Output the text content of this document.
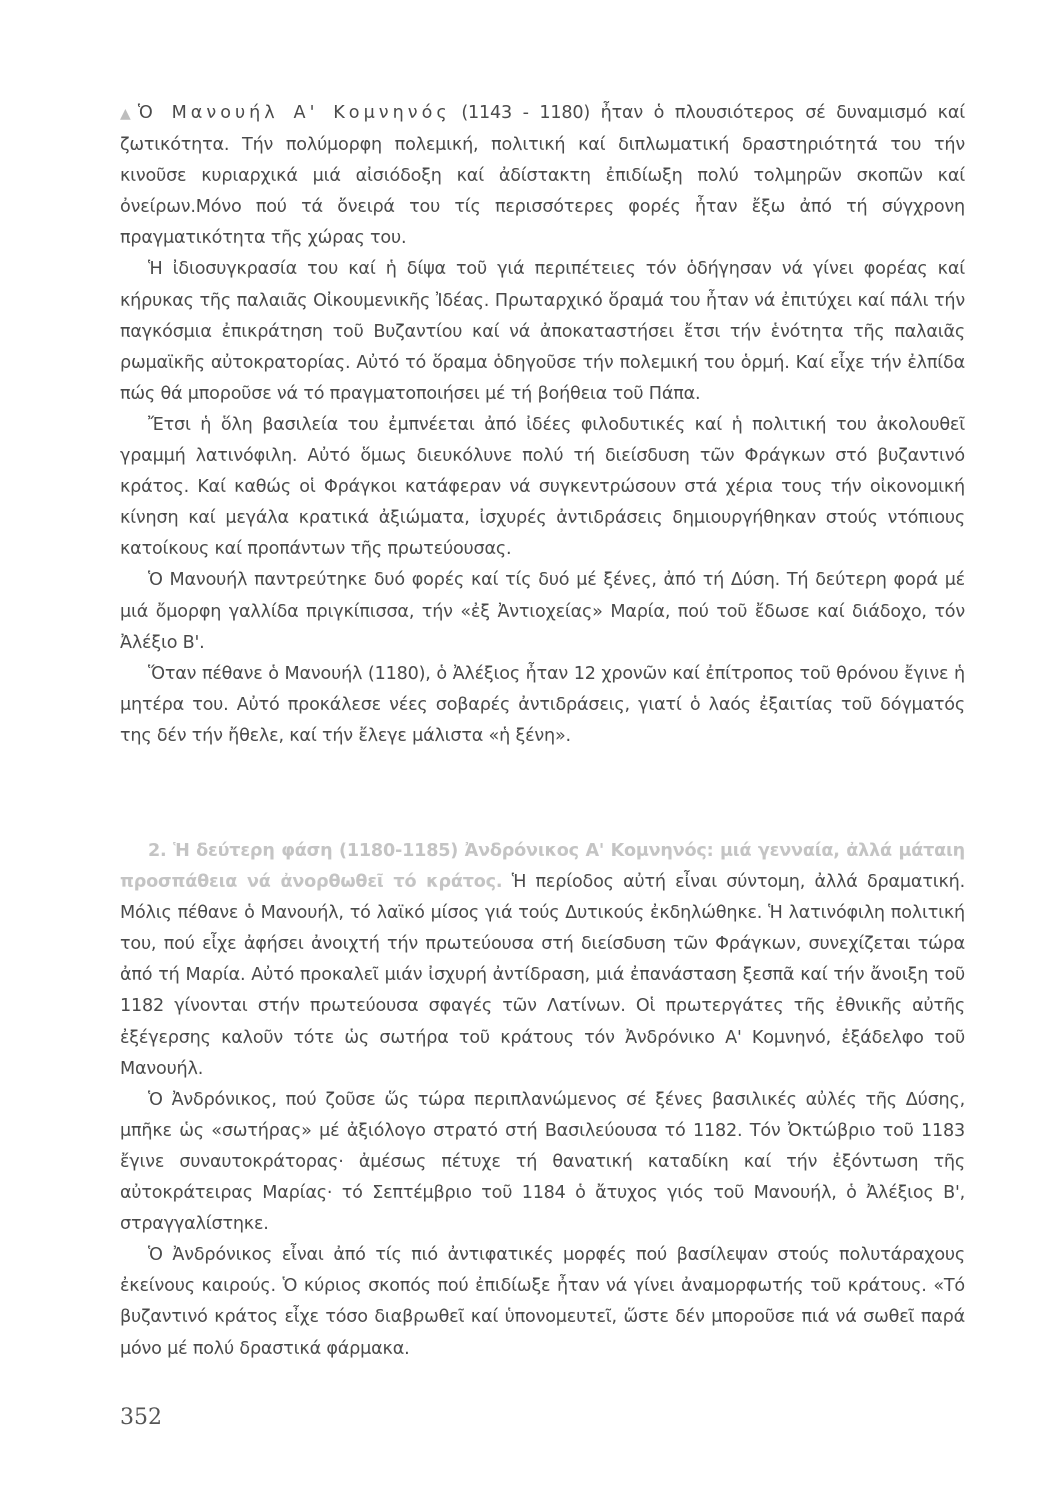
▲ Ὁ Μανουήλ Α' Κομνηνός (1143 - 1180) ἦταν ὁ πλουσιότερος σέ δυναμισμό καί ζωτικότητα. Τήν πολύμορφη πολεμική, πολιτική καί διπλωματική δραστηριότητά του τήν κινοῦσε κυριαρχικά μιά αἰσιόδοξη καί ἀδίστακτη ἐπιδίωξη πολύ τολμηρῶν σκοπῶν καί ὀνείρων.Μόνο πού τά ὄνειρά του τίς περισσότερες φορές ἦταν ἔξω ἀπό τή σύγχρονη πραγματικότητα τῆς χώρας του.

Ἡ ἰδιοσυγκρασία του καί ἡ δίψα τοῦ γιά περιπέτειες τόν ὁδήγησαν νά γίνει φορέας καί κήρυκας τῆς παλαιᾶς Οἰκουμενικῆς Ἰδέας. Πρωταρχικό ὅραμά του ἦταν νά ἐπιτύχει καί πάλι τήν παγκόσμια ἐπικράτηση τοῦ Βυζαντίου καί νά ἀποκαταστήσει ἔτσι τήν ἑνότητα τῆς παλαιᾶς ρωμαϊκῆς αὐτοκρατορίας. Αὐτό τό ὅραμα ὁδηγοῦσε τήν πολεμική του ὁρμή. Καί εἶχε τήν ἐλπίδα πώς θά μποροῦσε νά τό πραγματοποιήσει μέ τή βοήθεια τοῦ Πάπα.

Ἔτσι ἡ ὅλη βασιλεία του ἐμπνέεται ἀπό ἰδέες φιλοδυτικές καί ἡ πολιτική του ἀκολουθεῖ γραμμή λατινόφιλη. Αὐτό ὅμως διευκόλυνε πολύ τή διείσδυση τῶν Φράγκων στό βυζαντινό κράτος. Καί καθώς οἱ Φράγκοι κατάφεραν νά συγκεντρώσουν στά χέρια τους τήν οἰκονομική κίνηση καί μεγάλα κρατικά ἀξιώματα, ἰσχυρές ἀντιδράσεις δημιουργήθηκαν στούς ντόπιους κατοίκους καί προπάντων τῆς πρωτεύουσας.

Ὁ Μανουήλ παντρεύτηκε δυό φορές καί τίς δυό μέ ξένες, ἀπό τή Δύση. Τή δεύτερη φορά μέ μιά ὄμορφη γαλλίδα πριγκίπισσα, τήν «ἐξ Ἀντιοχείας» Μαρία, πού τοῦ ἔδωσε καί διάδοχο, τόν Ἀλέξιο Β'.

Ὅταν πέθανε ὁ Μανουήλ (1180), ὁ Ἀλέξιος ἦταν 12 χρονῶν καί ἐπίτροπος τοῦ θρόνου ἔγινε ἡ μητέρα του. Αὐτό προκάλεσε νέες σοβαρές ἀντιδράσεις, γιατί ὁ λαός ἐξαιτίας τοῦ δόγματός της δέν τήν ἤθελε, καί τήν ἔλεγε μάλιστα «ἡ ξένη».

2. Ἡ δεύτερη φάση (1180-1185) Ἀνδρόνικος Α' Κομνηνός: μιά γενναία, ἀλλά μάταιη προσπάθεια νά ἀνορθωθεῖ τό κράτος. Ἡ περίοδος αὐτή εἶναι σύντομη, ἀλλά δραματική. Μόλις πέθανε ὁ Μανουήλ, τό λαϊκό μίσος γιά τούς Δυτικούς ἐκδηλώθηκε. Ἡ λατινόφιλη πολιτική του, πού εἶχε ἀφήσει ἀνοιχτή τήν πρωτεύουσα στή διείσδυση τῶν Φράγκων, συνεχίζεται τώρα ἀπό τή Μαρία. Αὐτό προκαλεῖ μιάν ἰσχυρή ἀντίδραση, μιά ἐπανάσταση ξεσπᾶ καί τήν ἄνοιξη τοῦ 1182 γίνονται στήν πρωτεύουσα σφαγές τῶν Λατίνων. Οἱ πρωτεργάτες τῆς ἐθνικῆς αὐτῆς ἐξέγερσης καλοῦν τότε ὡς σωτήρα τοῦ κράτους τόν Ἀνδρόνικο Α' Κομνηνό, ἐξάδελφο τοῦ Μανουήλ.

Ὁ Ἀνδρόνικος, πού ζοῦσε ὥς τώρα περιπλανώμενος σέ ξένες βασιλικές αὐλές τῆς Δύσης, μπῆκε ὡς «σωτήρας» μέ ἀξιόλογο στρατό στή Βασιλεύουσα τό 1182. Τόν Ὀκτώβριο τοῦ 1183 ἔγινε συναυτοκράτορας· ἀμέσως πέτυχε τή θανατική καταδίκη καί τήν ἐξόντωση τῆς αὐτοκράτειρας Μαρίας· τό Σεπτέμβριο τοῦ 1184 ὁ ἄτυχος γιός τοῦ Μανουήλ, ὁ Ἀλέξιος Β', στραγγαλίστηκε.

Ὁ Ἀνδρόνικος εἶναι ἀπό τίς πιό ἀντιφατικές μορφές πού βασίλεψαν στούς πολυτάραχους ἐκείνους καιρούς. Ὁ κύριος σκοπός πού ἐπιδίωξε ἦταν νά γίνει ἀναμορφωτής τοῦ κράτους. «Τό βυζαντινό κράτος εἶχε τόσο διαβρωθεῖ καί ὑπονομευτεῖ, ὥστε δέν μποροῦσε πιά νά σωθεῖ παρά μόνο μέ πολύ δραστικά φάρμακα.

352
